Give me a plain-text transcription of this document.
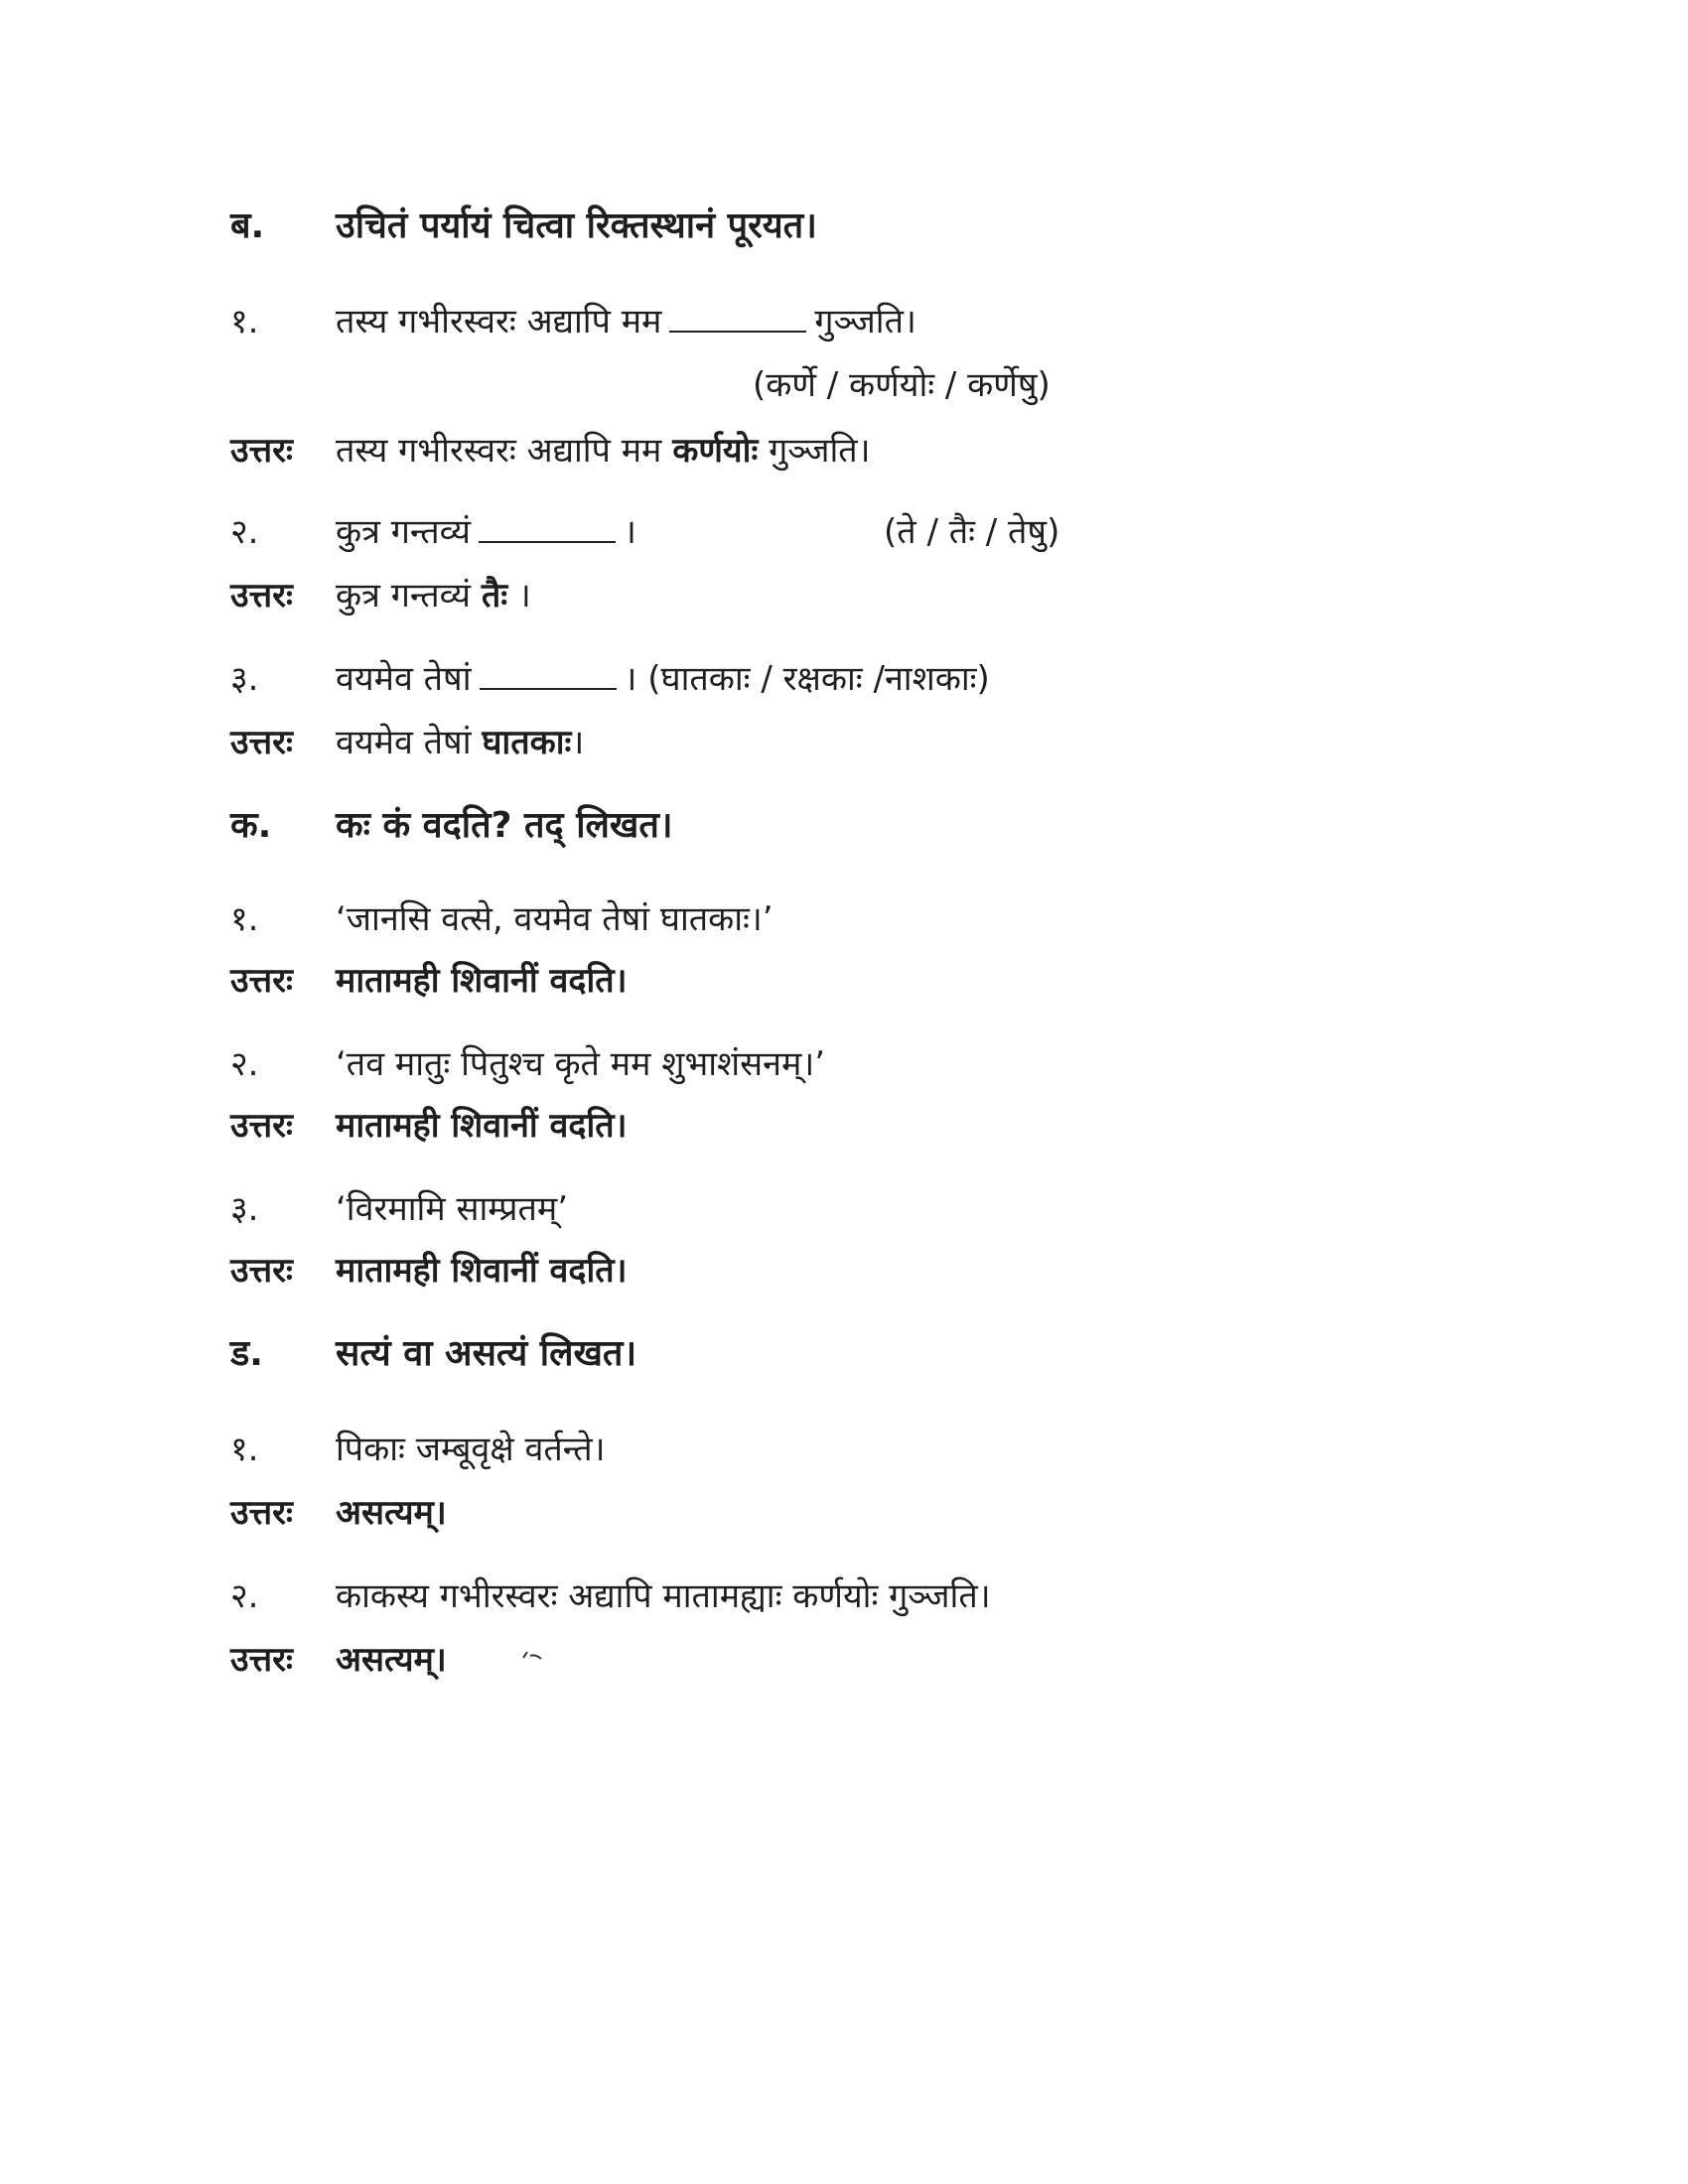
ब. उचितं पर्यायं चित्वा रिक्तस्थानं पूरयत।
१. तस्य गभीरस्वरः अद्यापि मम	गुञ्जति।
(कर्णे / कर्णयोः / कर्णेषु)
उत्तरः तस्य गभीरस्वरः अद्यापि मम कर्णयोः गुञ्जति।
२. कुत्र गन्तव्यं	।	(ते / तैः / तेषु)
उत्तरः कुत्र गन्तव्यं तैः ।
३. वयमेव तेषां	। (घातकाः / रक्षकाः /नाशकाः)
उत्तरः वयमेव तेषां घातकाः।
क. कः कं वदति? तद् लिखत।
१. ‘जानसि वत्से, वयमेव तेषां घातकाः।’
उत्तरः मातामही शिवानीं वदति।
२. ‘तव मातुः पितुश्च कृते मम शुभाशंसनम्।’
उत्तरः मातामही शिवानीं वदति।
३. ‘विरमामि साम्प्रतम्’
उत्तरः मातामही शिवानीं वदति।
ड. सत्यं वा असत्यं लिखत।
१. पिकाः जम्बूवृक्षे वर्तन्ते।
उत्तरः असत्यम्।
२. काकस्य गभीरस्वरः अद्यापि मातामह्याः कर्णयोः गुञ्जति।
उत्तरः असत्यम्।
